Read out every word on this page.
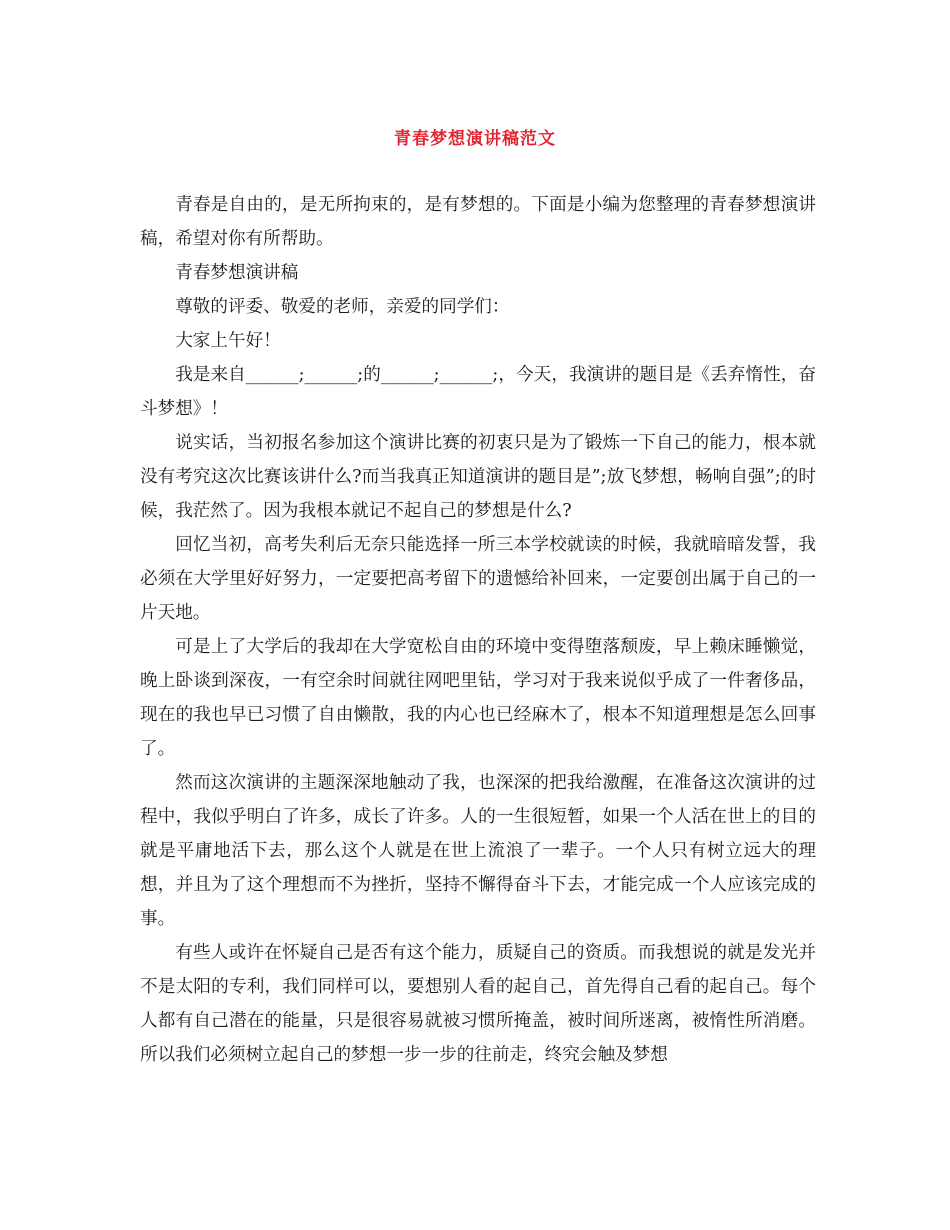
青春梦想演讲稿范文

青春是自由的，是无所拘束的，是有梦想的。下面是小编为您整理的青春梦想演讲稿，希望对你有所帮助。

青春梦想演讲稿

尊敬的评委、敬爱的老师，亲爱的同学们：

大家上午好！

我是来自______;______;的______;______;，今天，我演讲的题目是《丢弃惰性，奋斗梦想》！

说实话，当初报名参加这个演讲比赛的初衷只是为了锻炼一下自己的能力，根本就没有考究这次比赛该讲什么?而当我真正知道演讲的题目是”;放飞梦想，畅响自强”;的时候，我茫然了。因为我根本就记不起自己的梦想是什么?

回忆当初，高考失利后无奈只能选择一所三本学校就读的时候，我就暗暗发誓，我必须在大学里好好努力，一定要把高考留下的遗憾给补回来，一定要创出属于自己的一片天地。

可是上了大学后的我却在大学宽松自由的环境中变得堕落颓废，早上赖床睡懒觉，晚上卧谈到深夜，一有空余时间就往网吧里钻，学习对于我来说似乎成了一件奢侈品，现在的我也早已习惯了自由懒散，我的内心也已经麻木了，根本不知道理想是怎么回事了。

然而这次演讲的主题深深地触动了我，也深深的把我给激醒，在准备这次演讲的过程中，我似乎明白了许多，成长了许多。人的一生很短暂，如果一个人活在世上的目的就是平庸地活下去，那么这个人就是在世上流浪了一辈子。一个人只有树立远大的理想，并且为了这个理想而不为挫折，坚持不懈得奋斗下去，才能完成一个人应该完成的事。

有些人或许在怀疑自己是否有这个能力，质疑自己的资质。而我想说的就是发光并不是太阳的专利，我们同样可以，要想别人看的起自己，首先得自己看的起自己。每个人都有自己潜在的能量，只是很容易就被习惯所掩盖，被时间所迷离，被惰性所消磨。所以我们必须树立起自己的梦想一步一步的往前走，终究会触及梦想
